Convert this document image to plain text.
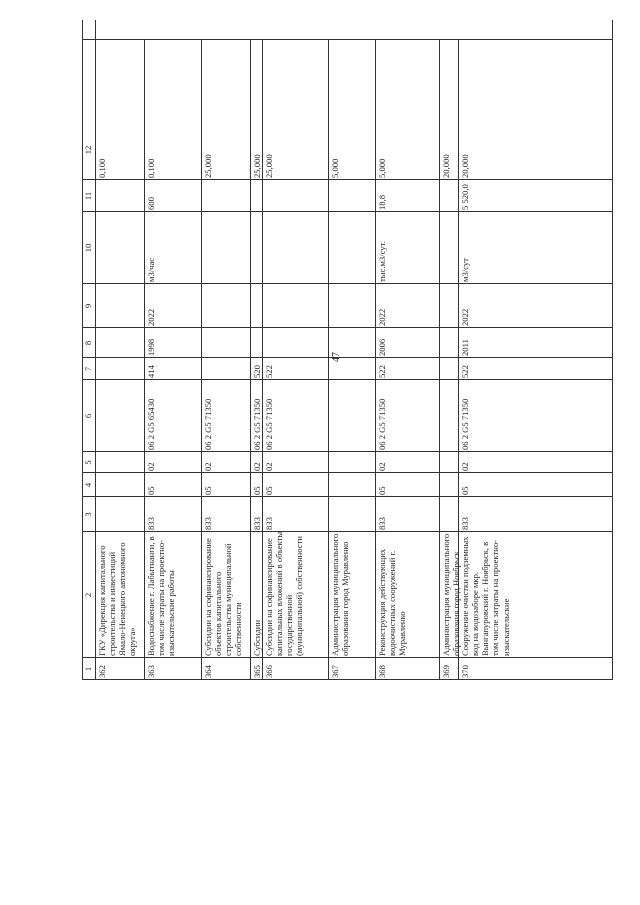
47
1
2
3
4
5
6
7
8
9
10
11
12
362
ГКУ «Дирекция капитального строительства и инвестиций Ямало-Ненецкого автономного округа»
0,100
363
Водоснабжение г. Лабытнанги, в том числе затраты на проектно-изыскательские работы
833
05
02
06 2 G5 65430
414
1998
2022
м3/час
600
0,100
364
Субсидии на софинансирование объектов капитального строительства муниципальной собственности
833
05
02
06 2 G5 71350
25,000
365
Субсидии
833
05
02
06 2 G5 71350
520
25,000
366
Субсидии на софинансирование капитальных вложений в объекты государственной (муниципальной) собственности
833
05
02
06 2 G5 71350
522
25,000
367
Администрация муниципального образования город Муравленко
5,000
368
Реконструкция действующих водоочистных сооружений г. Муравленко
833
05
02
06 2 G5 71350
522
2006
2022
тыс.м3/сут.
18,8
5,000
369
Администрация муниципального образования город Ноябрьск
20,000
370
Сооружение очистки подземных вод на водозаборе мкр. Вынгапуровский г. Ноябрьск, в том числе затраты на проектно-изыскательские
833
05
02
06 2 G5 71350
522
2011
2022
м3/сут
5 520,0
20,000
